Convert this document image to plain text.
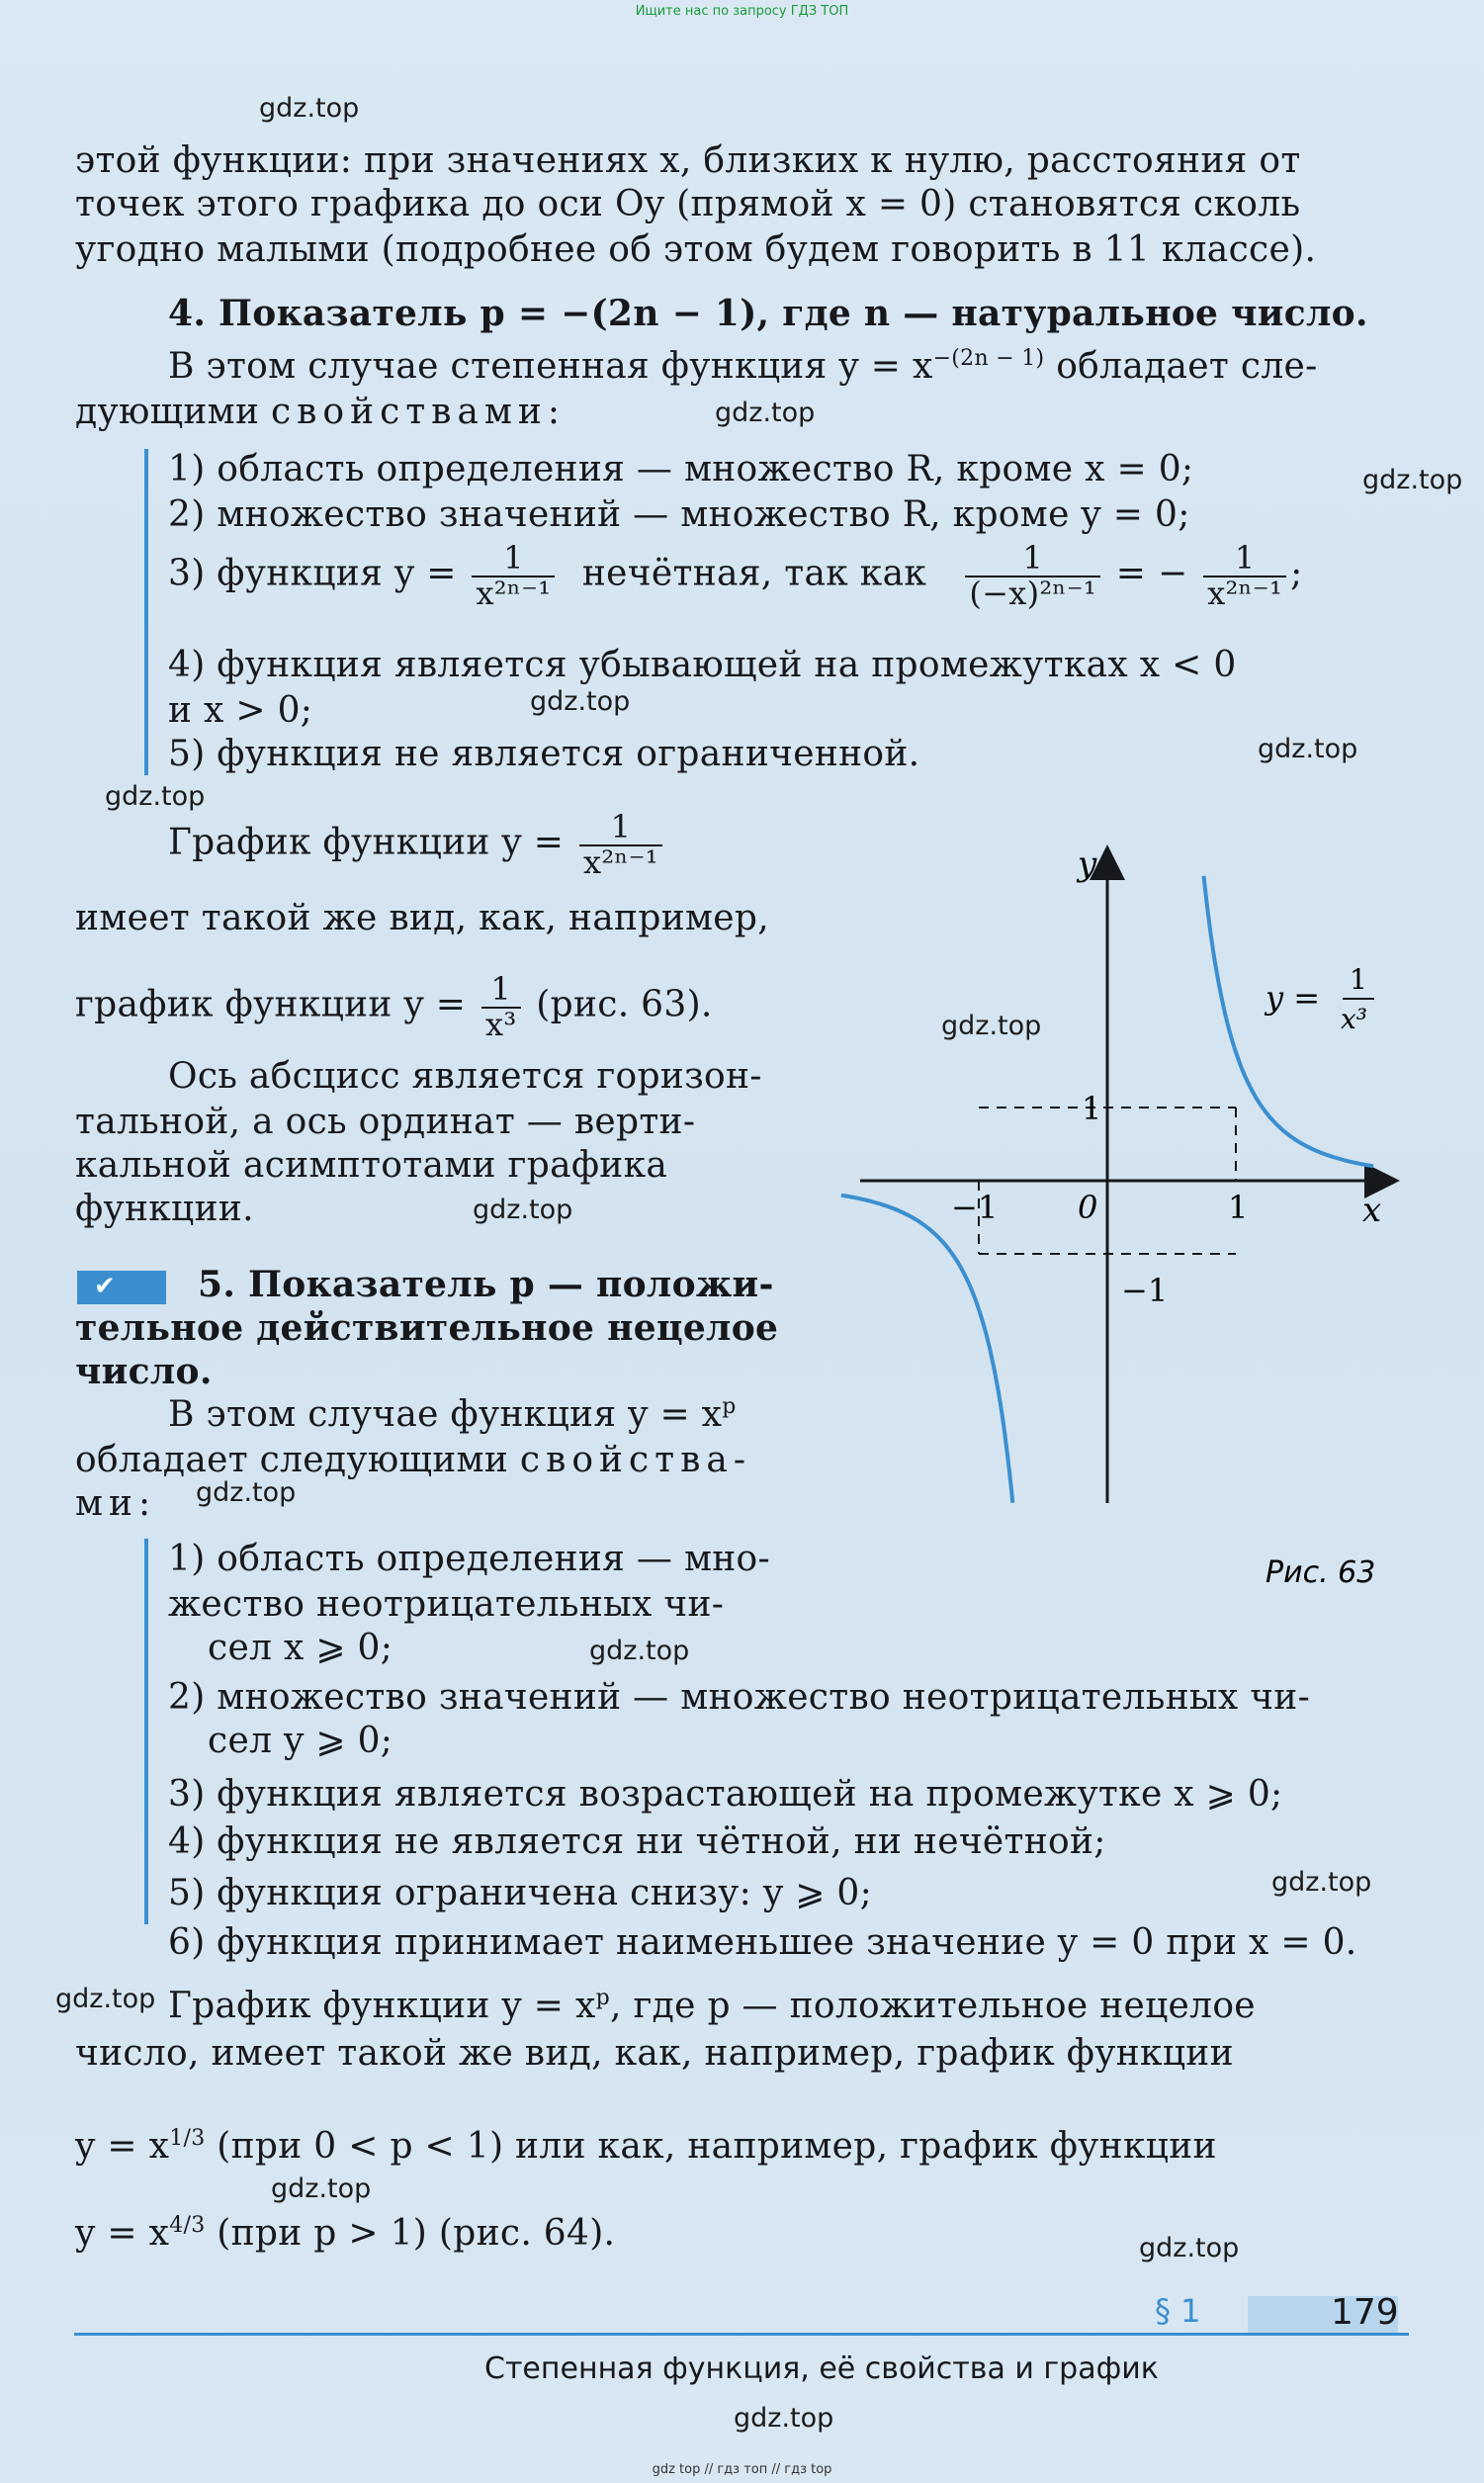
Ищите нас по запросу ГДЗ ТОП
gdz.top
gdz.top
gdz.top
gdz.top
gdz.top
gdz.top
gdz.top
gdz.top
gdz.top
gdz.top
gdz.top
gdz.top
gdz.top
gdz.top
этой функции: при значениях x, близких к нулю, расстояния от
точек этого графика до оси Oy (прямой x = 0) становятся сколь
угодно малыми (подробнее об этом будем говорить в 11 классе).
4. Показатель p = −(2n − 1), где n — натуральное число.
В этом случае степенная функция $y = x^{-(2n - 1)}$ обладает сле-
дующими свойствами:
1) область определения — множество R, кроме x = 0;
2) множество значений — множество R, кроме y = 0;
3) функция $y = \frac{1}{\text{x²ⁿ⁻¹}}$ нечётная, так как $\frac{1}{\text{(−x)²ⁿ⁻¹}}$ = − $\frac{1}{\text{x²ⁿ⁻¹}}$ ;
4) функция является убывающей на промежутках x < 0
и x > 0;
5) функция не является ограниченной.
График функции $y = \frac{1}{\text{x²ⁿ⁻¹}}$
имеет такой же вид, как, например,
график функции $y = \frac{1}{\text{x³}} (рис$. 63).
Ось абсцисс является горизон-
тальной, а ось ординат — верти-
кальной асимптотами графика
функции.
✔ 5. Показатель p — положи-
тельное действительное нецелое
число.
В этом случае функция $y = x^p$
обладает следующими свойства-
ми:
1) область определения — мно-
жество неотрицательных чи-
сел x ⩾ 0;
2) множество значений — множество неотрицательных чи-
сел y ⩾ 0;
3) функция является возрастающей на промежутке x ⩾ 0;
4) функция не является ни чётной, ни нечётной;
5) функция ограничена снизу: y ⩾ 0;
6) функция принимает наименьшее значение y = 0 при x = 0.
График функции $y = x^p$, где p — положительное нецелое
число, имеет такой же вид, как, например, график функции
$y = x^{1/3}$ (при 0 < p < 1) или как, например, график функции
$y = x^{4/3}$ (при p > 1) (рис. 64).
y
x
0
1
1
−1
−1
y = 1
x³
Рис. 63
§ 1	179
Степенная функция, её свойства и график
gdz.top
gdz top // гдз топ // гдз top
